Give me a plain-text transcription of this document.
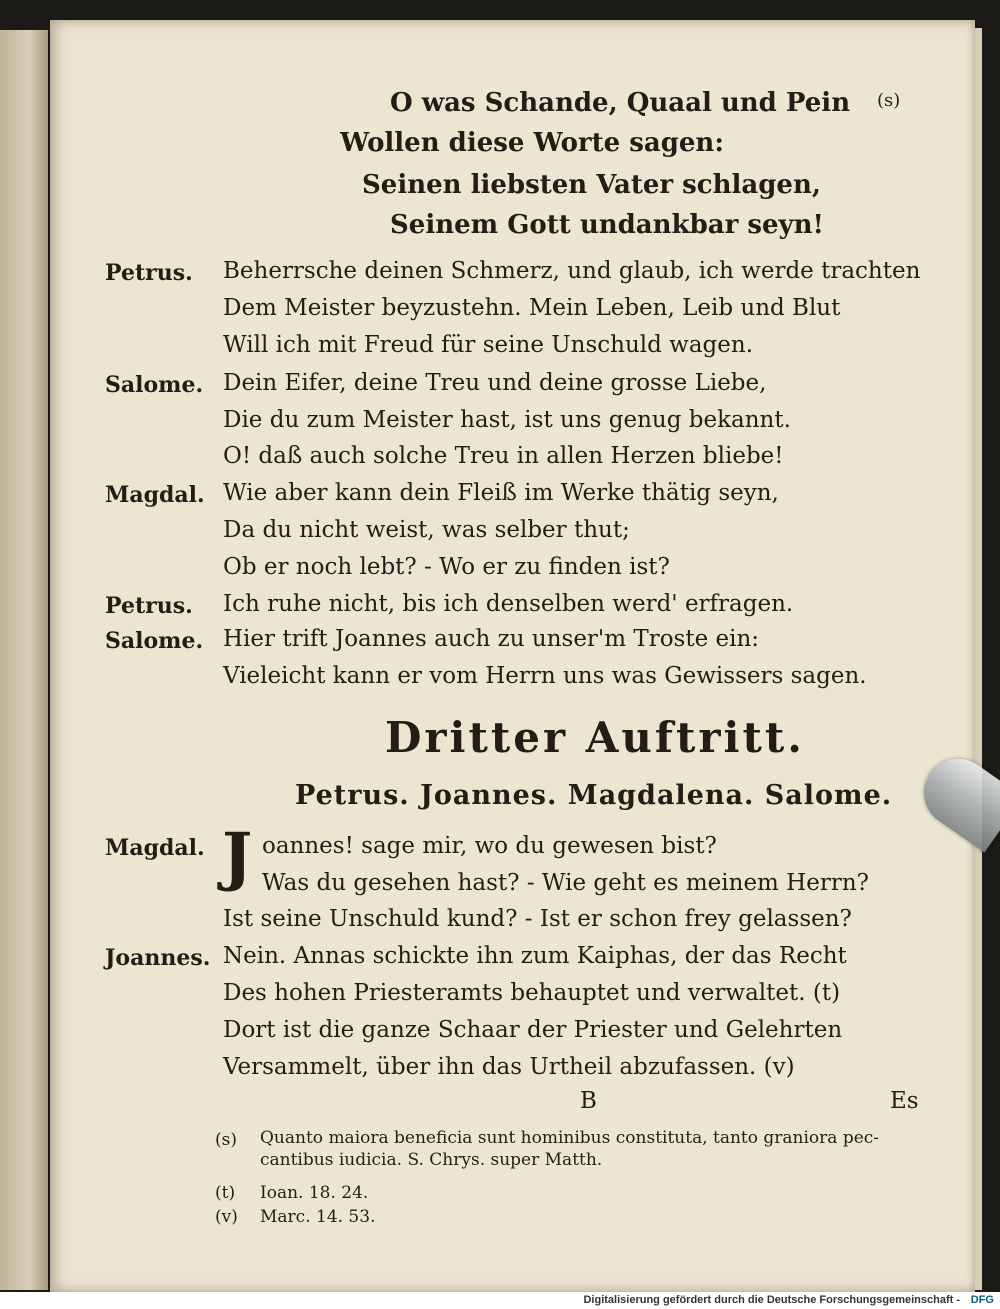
O was Schande, Quaal und Pein (s)
Wollen diese Worte sagen:
Seinen liebsten Vater schlagen,
Seinem Gott undankbar seyn!
Petrus. Beherrsche deinen Schmerz, und glaub, ich werde trachten
Dem Meister beyzustehn. Mein Leben, Leib und Blut
Will ich mit Freud für seine Unschuld wagen.
Salome. Dein Eifer, deine Treu und deine grosse Liebe,
Die du zum Meister hast, ist uns genug bekannt.
O! daß auch solche Treu in allen Herzen bliebe!
Magdal. Wie aber kann dein Fleiß im Werke thätig seyn,
Da du nicht weist, was selber thut;
Ob er noch lebt? - Wo er zu finden ist?
Petrus. Ich ruhe nicht, bis ich denselben werd' erfragen.
Salome. Hier trift Joannes auch zu unser'm Troste ein:
Vieleicht kann er vom Herrn uns was Gewissers sagen.
Dritter Auftritt.
Petrus. Joannes. Magdalena. Salome.
Magdal. J oannes! sage mir, wo du gewesen bist?
Was du gesehen hast? - Wie geht es meinem Herrn?
Ist seine Unschuld kund? - Ist er schon frey gelassen?
Joannes. Nein. Annas schickte ihn zum Kaiphas, der das Recht
Des hohen Priesteramts behauptet und verwaltet. (t)
Dort ist die ganze Schaar der Priester und Gelehrten
Versammelt, über ihn das Urtheil abzufassen. (v)
B	Es
(s) Quanto maiora beneficia sunt hominibus constituta, tanto graniora pec-
cantibus iudicia. S. Chrys. super Matth.
(t) Ioan. 18. 24.
(v) Marc. 14. 53.
Digitalisierung gefördert durch die Deutsche Forschungsgemeinschaft - DFG
